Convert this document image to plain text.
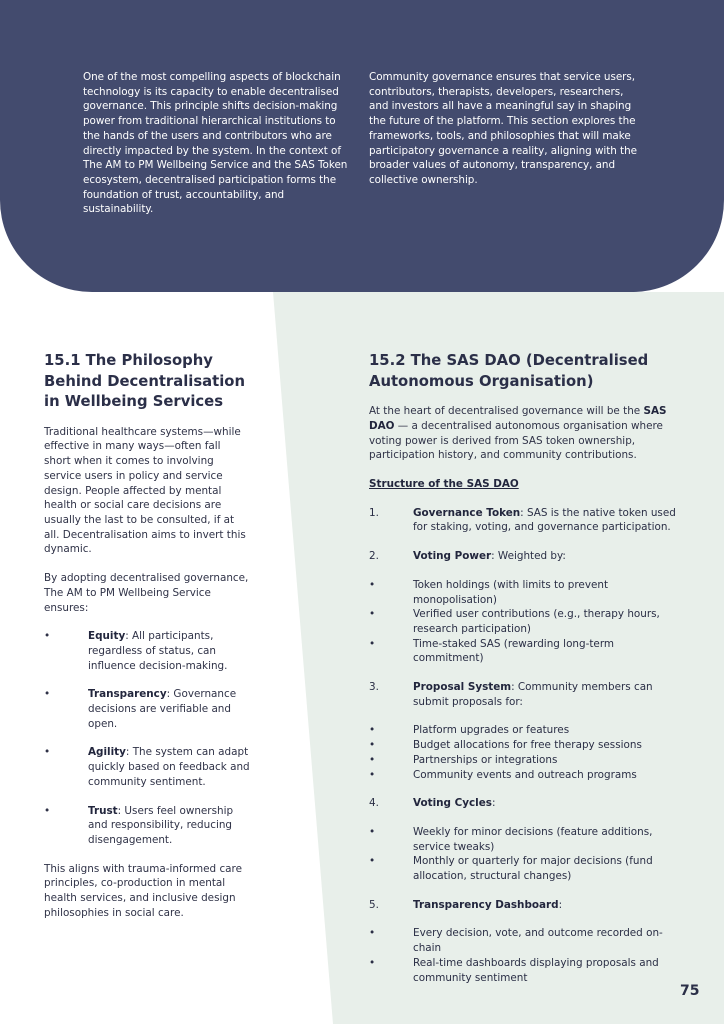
One of the most compelling aspects of blockchain technology is its capacity to enable decentralised governance. This principle shifts decision-making power from traditional hierarchical institutions to the hands of the users and contributors who are directly impacted by the system. In the context of The AM to PM Wellbeing Service and the SAS Token ecosystem, decentralised participation forms the foundation of trust, accountability, and sustainability.
Community governance ensures that service users, contributors, therapists, developers, researchers, and investors all have a meaningful say in shaping the future of the platform. This section explores the frameworks, tools, and philosophies that will make participatory governance a reality, aligning with the broader values of autonomy, transparency, and collective ownership.
15.1 The Philosophy Behind Decentralisation in Wellbeing Services
Traditional healthcare systems—while effective in many ways—often fall short when it comes to involving service users in policy and service design. People affected by mental health or social care decisions are usually the last to be consulted, if at all. Decentralisation aims to invert this dynamic.
By adopting decentralised governance, The AM to PM Wellbeing Service ensures:
•	Equity: All participants, regardless of status, can influence decision-making.
•	Transparency: Governance decisions are verifiable and open.
•	Agility: The system can adapt quickly based on feedback and community sentiment.
•	Trust: Users feel ownership and responsibility, reducing disengagement.
This aligns with trauma-informed care principles, co-production in mental health services, and inclusive design philosophies in social care.
15.2 The SAS DAO (Decentralised Autonomous Organisation)
At the heart of decentralised governance will be the SAS DAO — a decentralised autonomous organisation where voting power is derived from SAS token ownership, participation history, and community contributions.
Structure of the SAS DAO
1.	Governance Token: SAS is the native token used for staking, voting, and governance participation.
2.	Voting Power: Weighted by:
•	Token holdings (with limits to prevent monopolisation)
•	Verified user contributions (e.g., therapy hours, research participation)
•	Time-staked SAS (rewarding long-term commitment)
3.	Proposal System: Community members can submit proposals for:
•	Platform upgrades or features
•	Budget allocations for free therapy sessions
•	Partnerships or integrations
•	Community events and outreach programs
4.	Voting Cycles:
•	Weekly for minor decisions (feature additions, service tweaks)
•	Monthly or quarterly for major decisions (fund allocation, structural changes)
5.	Transparency Dashboard:
•	Every decision, vote, and outcome recorded on-chain
•	Real-time dashboards displaying proposals and community sentiment
75
